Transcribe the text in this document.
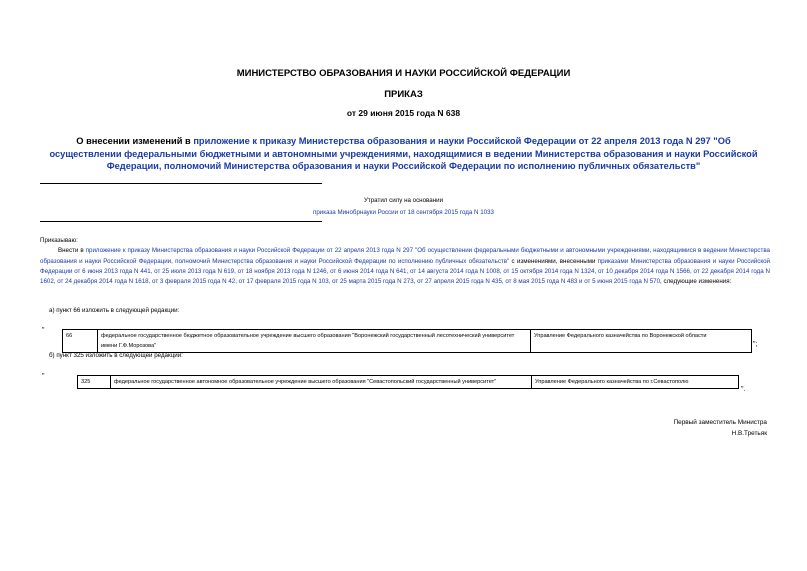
МИНИСТЕРСТВО ОБРАЗОВАНИЯ И НАУКИ РОССИЙСКОЙ ФЕДЕРАЦИИ
ПРИКАЗ
от 29 июня 2015 года N 638
О внесении изменений в приложение к приказу Министерства образования и науки Российской Федерации от 22 апреля 2013 года N 297 "Об осуществлении федеральными бюджетными и автономными учреждениями, находящимися в ведении Министерства образования и науки Российской Федерации, полномочий Министерства образования и науки Российской Федерации по исполнению публичных обязательств"
Утратил силу на основании
приказа Минобрнауки России от 18 сентября 2015 года N 1033

Приказываю:

Внести в приложение к приказу Министерства образования и науки Российской Федерации от 22 апреля 2013 года N 297 "Об осуществлении федеральными бюджетными и автономными учреждениями, находящимися в ведении Министерства образования и науки Российской Федерации, полномочий Министерства образования и науки Российской Федерации по исполнению публичных обязательств" с изменениями, внесенными приказами Министерства образования и науки Российской Федерации от 6 июня 2013 года N 441, от 25 июля 2013 года N 619, от 18 ноября 2013 года N 1246, от 6 июня 2014 года N 641, от 14 августа 2014 года N 1008, от 15 октября 2014 года N 1324, от 10 декабря 2014 года N 1566, от 22 декабря 2014 года N 1602, от 24 декабря 2014 года N 1618, от 3 февраля 2015 года N 42, от 17 февраля 2015 года N 103, от 25 марта 2015 года N 273, от 27 апреля 2015 года N 435, от 8 мая 2015 года N 483 и от 5 июня 2015 года N 570, следующие изменения:

а) пункт 66 изложить в следующей редакции:
"
66	федеральное государственное бюджетное образовательное учреждение высшего образования "Воронежский государственный лесотехнический университет имени Г.Ф.Морозова"	Управление Федерального казначейства по Воронежской области
";
б) пункт 325 изложить в следующей редакции:
"
325	федеральное государственное автономное образовательное учреждение высшего образования "Севастопольский государственный университет"	Управление Федерального казначейства по г.Севастополю
".
Первый заместитель Министра
Н.В.Третьяк
